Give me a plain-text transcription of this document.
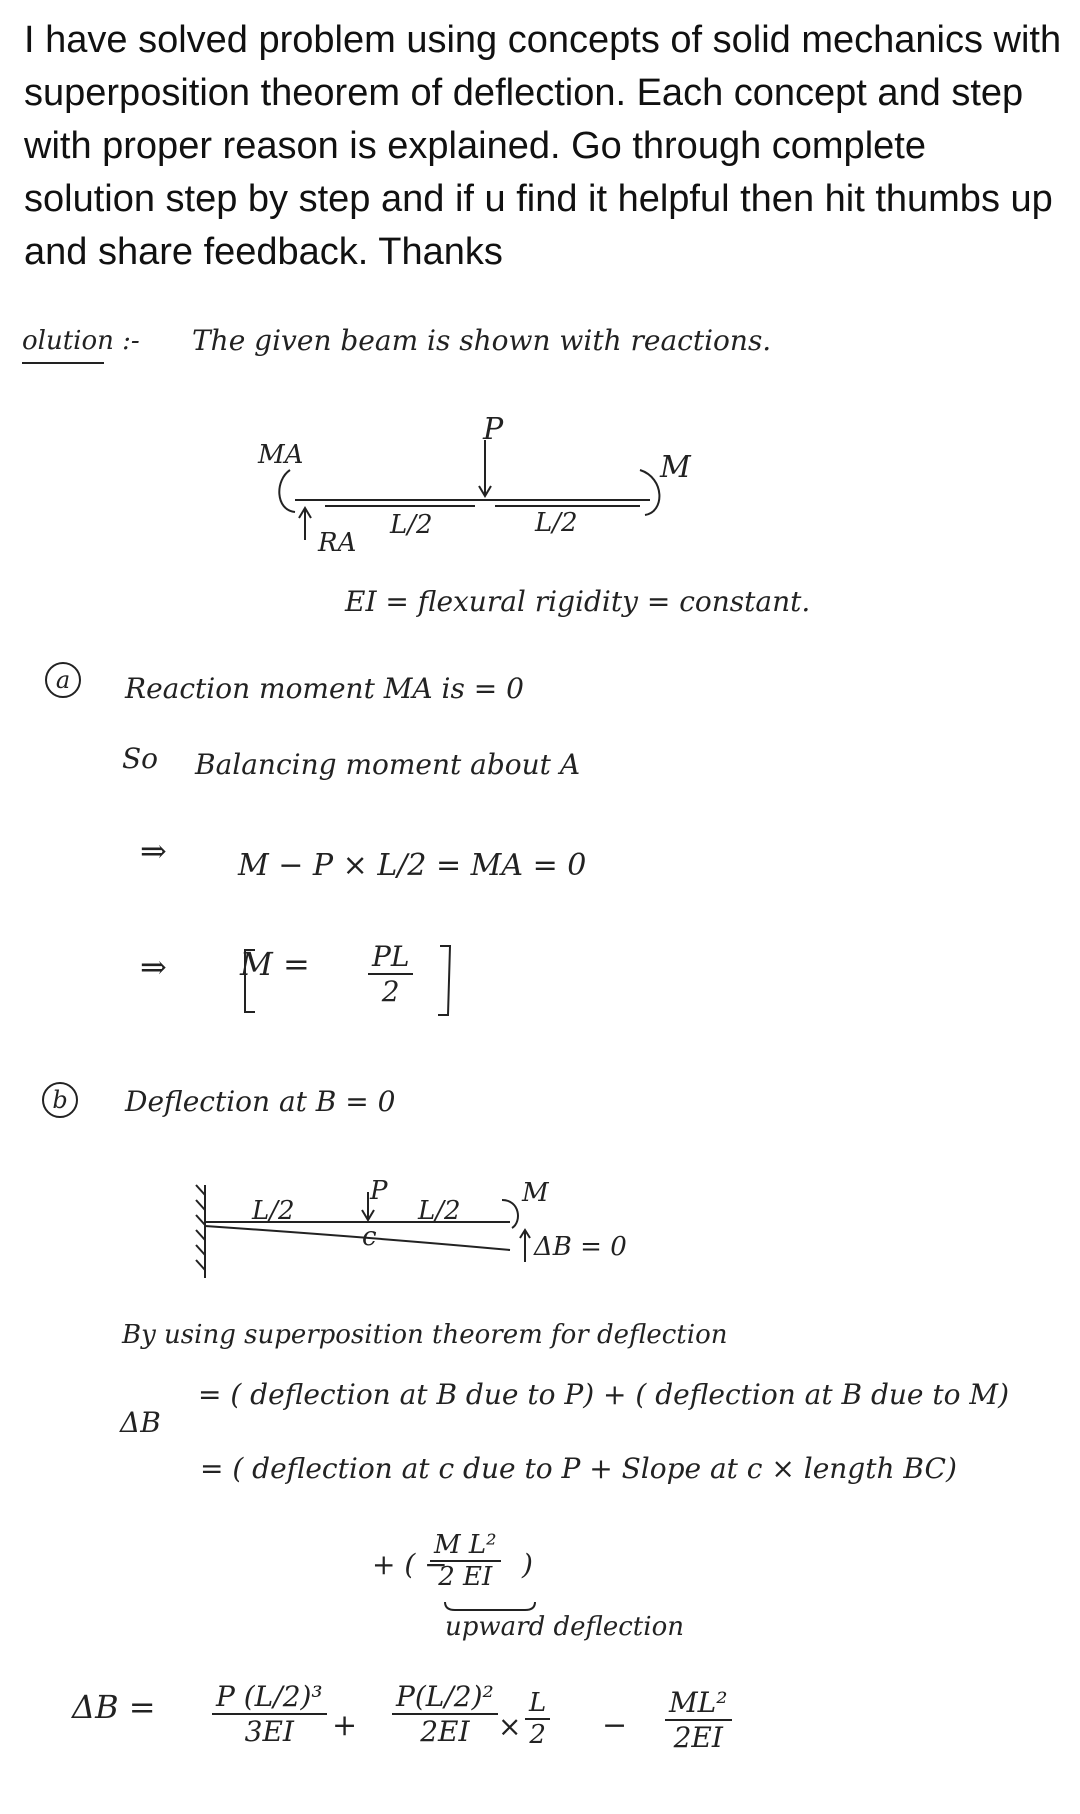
I have solved problem using concepts of solid mechanics with superposition theorem of deflection. Each concept and step with proper reason is explained. Go through complete solution step by step and if u find it helpful then hit thumbs up and share feedback. Thanks
olution :- The given beam is shown with reactions.
MA
P
M
RA
L/2	L/2
EI = flexural rigidity = constant.
a	Reaction moment MA is = 0
So Balancing moment about A
⇒ M − P × L/2 = MA = 0
⇒ $M = \frac{PL}{2}$
b	Deflection at B = 0
L/2
P
L/2
M
ΔB = 0
c
By using superposition theorem for deflection
ΔB
= ( deflection at B due to P) + ( deflection at B due to M)
= ( deflection at c due to P + Slope at c × length BC)
+ ( −
$\frac{\text{M L²}}{2 EI}$ )
upward deflection
$\Delta B = \frac{\text{P (L/2)³}}{3EI} + \frac{\text{P(L/2)²}}{2EI} \times \frac{L}{2} - \frac{\text{ML²}}{2EI}$
